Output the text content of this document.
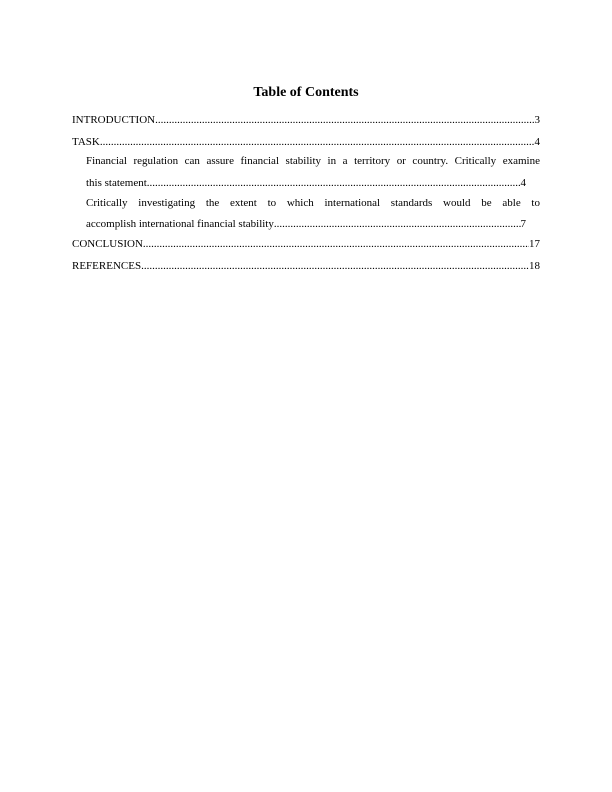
Table of Contents
INTRODUCTION .....	3
TASK .....	4
Financial regulation can assure financial stability in a territory or country. Critically examine
this statement .....	4
Critically investigating the extent to which international standards would be able to
accomplish international financial stability .....	7
CONCLUSION .....	17
REFERENCES .....	18
